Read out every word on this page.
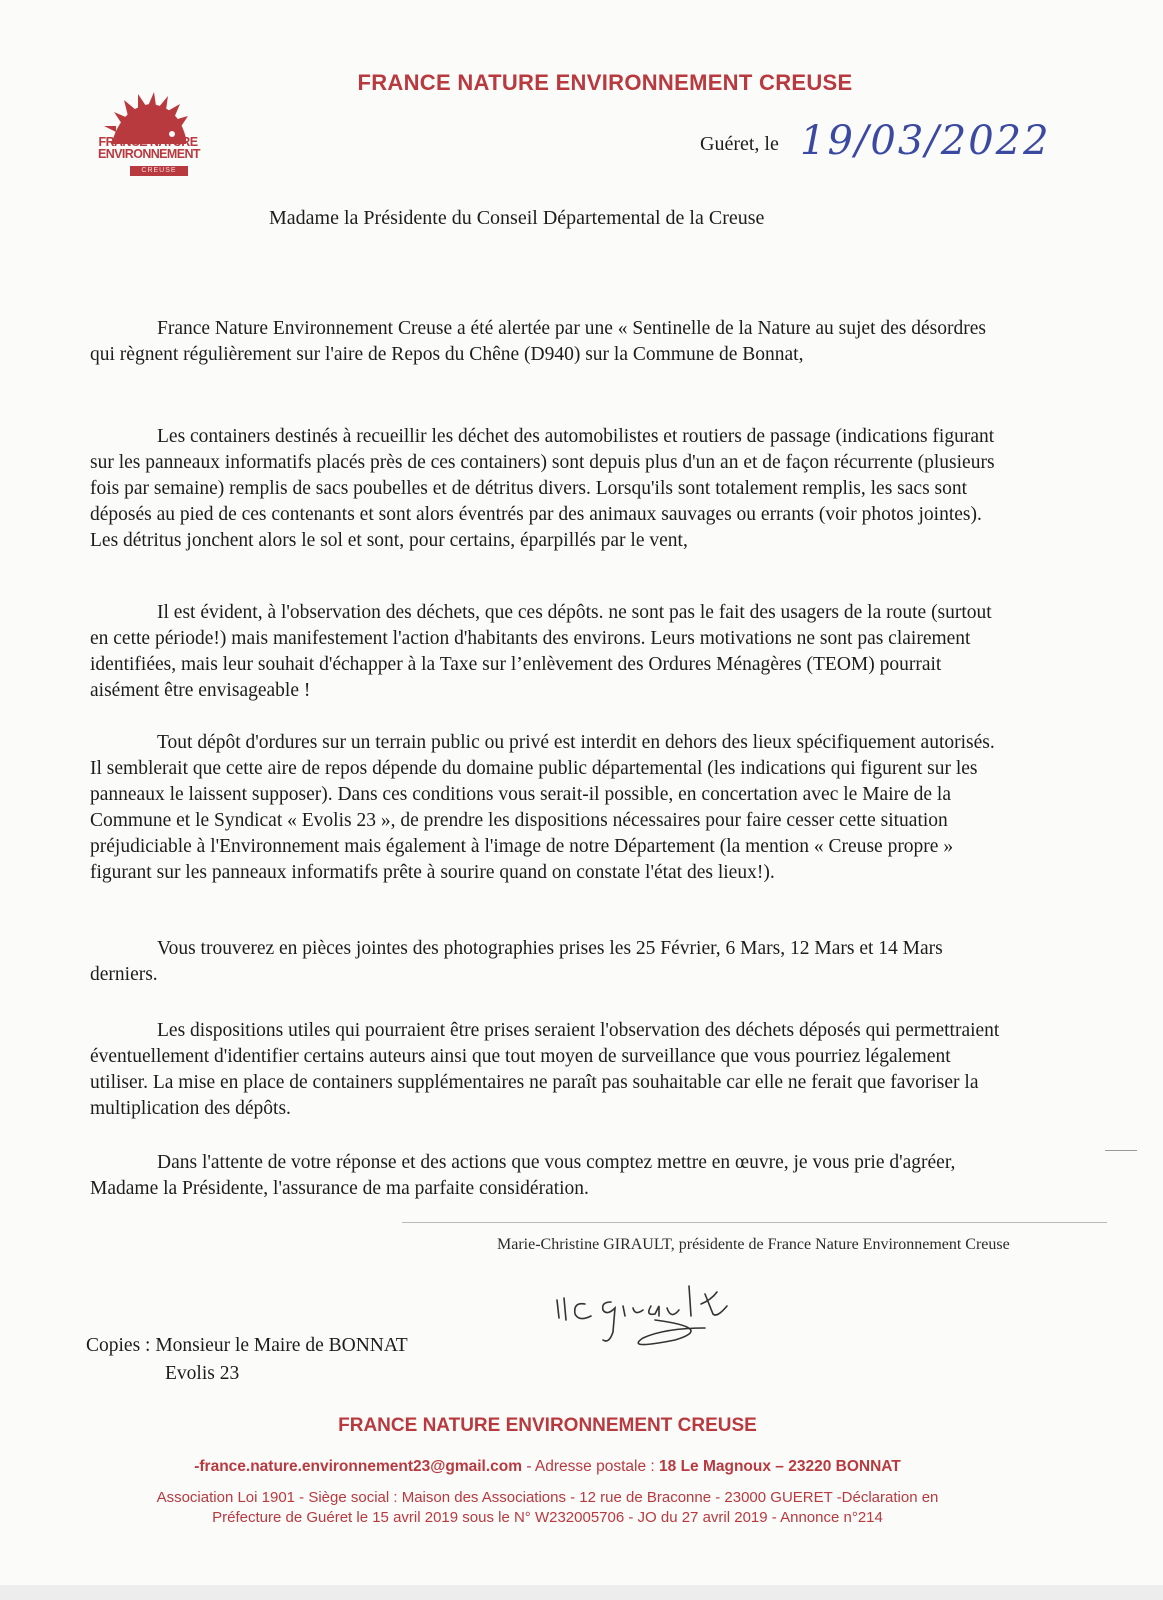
FRANCE NATURE ENVIRONNEMENT CREUSE
FRANCE NATURE
ENVIRONNEMENT
CREUSE
Guéret, le 19/03/2022
Madame la Présidente du Conseil Départemental de la Creuse

France Nature Environnement Creuse a été alertée par une « Sentinelle de la Nature au sujet des désordres qui règnent régulièrement sur l'aire de Repos du Chêne (D940) sur la Commune de Bonnat,

Les containers destinés à recueillir les déchet des automobilistes et routiers de passage (indications figurant sur les panneaux informatifs placés près de ces containers) sont depuis plus d'un an et de façon récurrente (plusieurs fois par semaine) remplis de sacs poubelles et de détritus divers. Lorsqu'ils sont totalement remplis, les sacs sont déposés au pied de ces contenants et sont alors éventrés par des animaux sauvages ou errants (voir photos jointes). Les détritus jonchent alors le sol et sont, pour certains, éparpillés par le vent,

Il est évident, à l'observation des déchets, que ces dépôts. ne sont pas le fait des usagers de la route (surtout en cette période!) mais manifestement l'action d'habitants des environs. Leurs motivations ne sont pas clairement identifiées, mais leur souhait d'échapper à la Taxe sur l’enlèvement des Ordures Ménagères (TEOM) pourrait aisément être envisageable !

Tout dépôt d'ordures sur un terrain public ou privé est interdit en dehors des lieux spécifiquement autorisés. Il semblerait que cette aire de repos dépende du domaine public départemental (les indications qui figurent sur les panneaux le laissent supposer). Dans ces conditions vous serait-il possible, en concertation avec le Maire de la Commune et le Syndicat « Evolis 23 », de prendre les dispositions nécessaires pour faire cesser cette situation préjudiciable à l'Environnement mais également à l'image de notre Département (la mention « Creuse propre » figurant sur les panneaux informatifs prête à sourire quand on constate l'état des lieux!).

Vous trouverez en pièces jointes des photographies prises les 25 Février, 6 Mars, 12 Mars et 14 Mars derniers.

Les dispositions utiles qui pourraient être prises seraient l'observation des déchets déposés qui permettraient éventuellement d'identifier certains auteurs ainsi que tout moyen de surveillance que vous pourriez légalement utiliser. La mise en place de containers supplémentaires ne paraît pas souhaitable car elle ne ferait que favoriser la multiplication des dépôts.

Dans l'attente de votre réponse et des actions que vous comptez mettre en œuvre, je vous prie d'agréer, Madame la Présidente, l'assurance de ma parfaite considération.

Marie-Christine GIRAULT, présidente de France Nature Environnement Creuse
Copies : Monsieur le Maire de BONNAT
Evolis 23
FRANCE NATURE ENVIRONNEMENT CREUSE
-france.nature.environnement23@gmail.com - Adresse postale : 18 Le Magnoux – 23220 BONNAT
Association Loi 1901 - Siège social : Maison des Associations - 12 rue de Braconne - 23000 GUERET -Déclaration en
Préfecture de Guéret le 15 avril 2019 sous le N° W232005706 - JO du 27 avril 2019 - Annonce n°214
